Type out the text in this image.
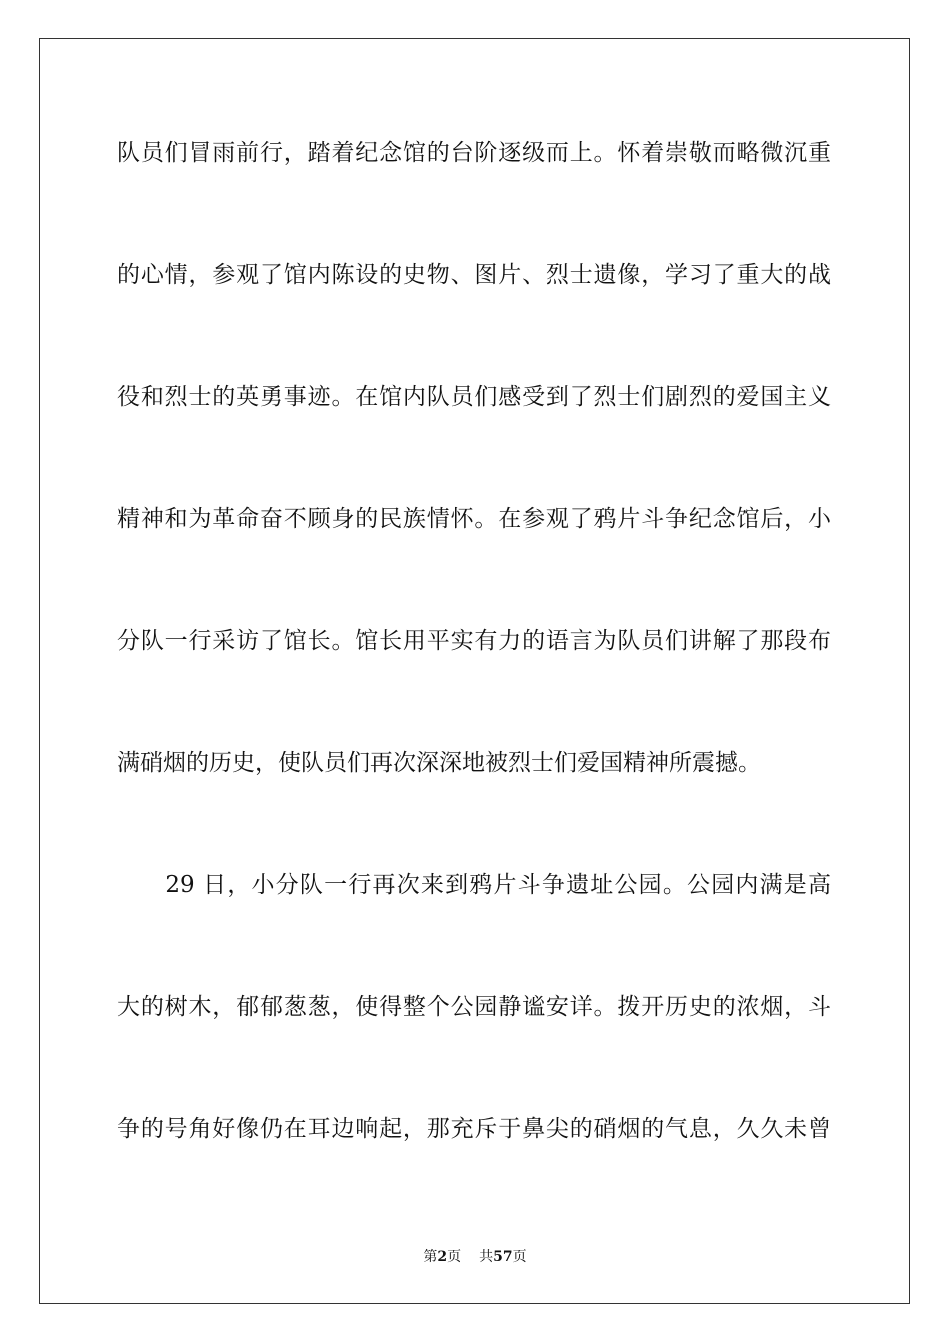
队员们冒雨前行，踏着纪念馆的台阶逐级而上。怀着崇敬而略微沉重
的心情，参观了馆内陈设的史物、图片、烈士遗像，学习了重大的战
役和烈士的英勇事迹。在馆内队员们感受到了烈士们剧烈的爱国主义
精神和为革命奋不顾身的民族情怀。在参观了鸦片斗争纪念馆后，小
分队一行采访了馆长。馆长用平实有力的语言为队员们讲解了那段布
满硝烟的历史，使队员们再次深深地被烈士们爱国精神所震撼。
　　29 日，小分队一行再次来到鸦片斗争遗址公园。公园内满是高
大的树木，郁郁葱葱，使得整个公园静谧安详。拨开历史的浓烟，斗
争的号角好像仍在耳边响起，那充斥于鼻尖的硝烟的气息，久久未曾
第2页 共57页
